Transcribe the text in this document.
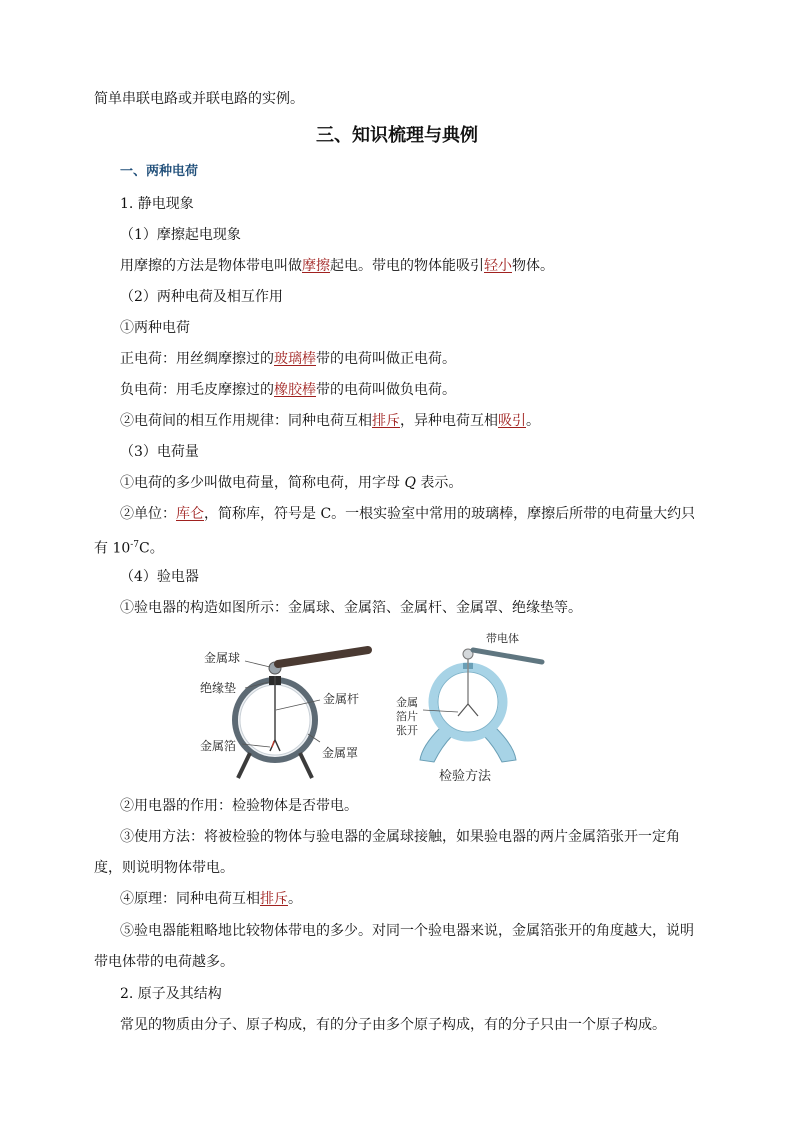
简单串联电路或并联电路的实例。
三、知识梳理与典例
一、两种电荷
1. 静电现象
（1）摩擦起电现象
用摩擦的方法是物体带电叫做摩擦起电。带电的物体能吸引轻小物体。
（2）两种电荷及相互作用
①两种电荷
正电荷：用丝绸摩擦过的玻璃棒带的电荷叫做正电荷。
负电荷：用毛皮摩擦过的橡胶棒带的电荷叫做负电荷。
②电荷间的相互作用规律：同种电荷互相排斥，异种电荷互相吸引。
（3）电荷量
①电荷的多少叫做电荷量，简称电荷，用字母 Q 表示。
②单位：库仑，简称库，符号是 C。一根实验室中常用的玻璃棒，摩擦后所带的电荷量大约只
有 $10^{-7}C$。
（4）验电器
①验电器的构造如图所示：金属球、金属箔、金属杆、金属罩、绝缘垫等。
金属球
绝缘垫
金属杆
金属箔	金属罩
带电体
金属
箔片
张开
检验方法
②用电器的作用：检验物体是否带电。
③使用方法：将被检验的物体与验电器的金属球接触，如果验电器的两片金属箔张开一定角
度，则说明物体带电。
④原理：同种电荷互相排斥。
⑤验电器能粗略地比较物体带电的多少。对同一个验电器来说，金属箔张开的角度越大，说明
带电体带的电荷越多。
2. 原子及其结构
常见的物质由分子、原子构成，有的分子由多个原子构成，有的分子只由一个原子构成。
